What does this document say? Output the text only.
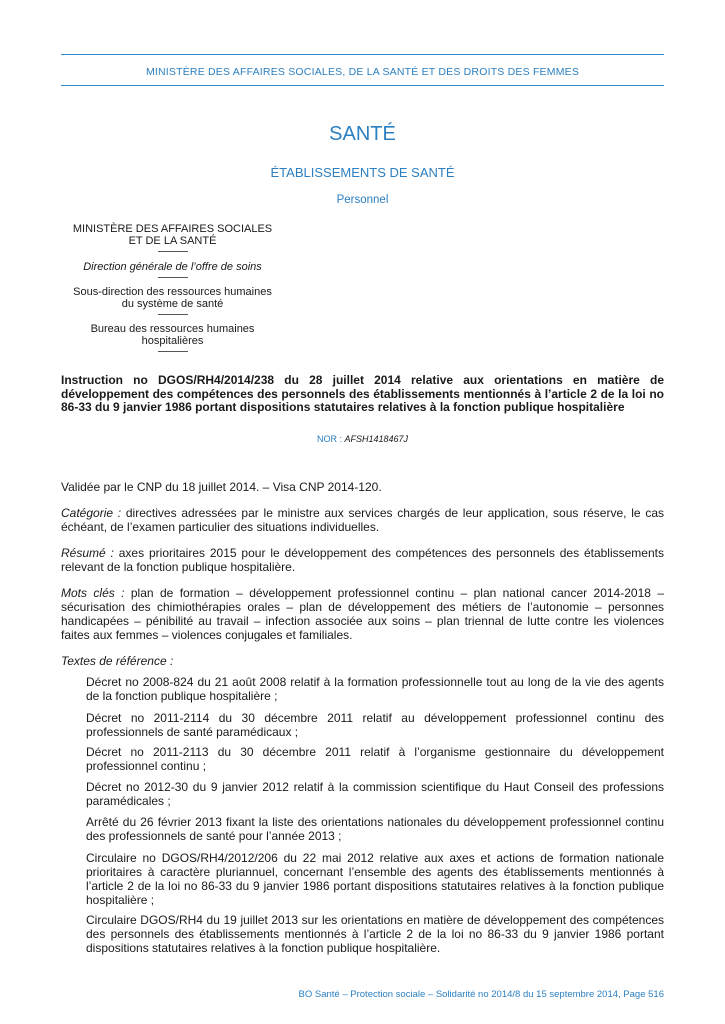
MINISTÈRE DES AFFAIRES SOCIALES, DE LA SANTÉ ET DES DROITS DES FEMMES
SANTÉ
ÉTABLISSEMENTS DE SANTÉ
Personnel
MINISTÈRE DES AFFAIRES SOCIALES
ET DE LA SANTÉ
Direction générale de l’offre de soins
Sous-direction des ressources humaines
du système de santé
Bureau des ressources humaines
hospitalières
Instruction no DGOS/RH4/2014/238 du 28 juillet 2014 relative aux orientations en matière de développement des compétences des personnels des établissements mentionnés à l’article 2 de la loi no 86-33 du 9 janvier 1986 portant dispositions statutaires relatives à la fonction publique hospitalière
NOR : AFSH1418467J
Validée par le CNP du 18 juillet 2014. – Visa CNP 2014-120.
Catégorie : directives adressées par le ministre aux services chargés de leur application, sous réserve, le cas échéant, de l’examen particulier des situations individuelles.
Résumé : axes prioritaires 2015 pour le développement des compétences des personnels des établissements relevant de la fonction publique hospitalière.
Mots clés : plan de formation – développement professionnel continu – plan national cancer 2014-2018 – sécurisation des chimiothérapies orales – plan de développement des métiers de l’autonomie – personnes handicapées – pénibilité au travail – infection associée aux soins – plan triennal de lutte contre les violences faites aux femmes – violences conjugales et familiales.
Textes de référence :
Décret no 2008-824 du 21 août 2008 relatif à la formation professionnelle tout au long de la vie des agents de la fonction publique hospitalière ;
Décret no 2011-2114 du 30 décembre 2011 relatif au développement professionnel continu des professionnels de santé paramédicaux ;
Décret no 2011-2113 du 30 décembre 2011 relatif à l’organisme gestionnaire du développement professionnel continu ;
Décret no 2012-30 du 9 janvier 2012 relatif à la commission scientifique du Haut Conseil des professions paramédicales ;
Arrêté du 26 février 2013 fixant la liste des orientations nationales du développement professionnel continu des professionnels de santé pour l’année 2013 ;
Circulaire no DGOS/RH4/2012/206 du 22 mai 2012 relative aux axes et actions de formation nationale prioritaires à caractère pluriannuel, concernant l’ensemble des agents des établissements mentionnés à l’article 2 de la loi no 86-33 du 9 janvier 1986 portant dispositions statutaires relatives à la fonction publique hospitalière ;
Circulaire DGOS/RH4 du 19 juillet 2013 sur les orientations en matière de développement des compétences des personnels des établissements mentionnés à l’article 2 de la loi no 86-33 du 9 janvier 1986 portant dispositions statutaires relatives à la fonction publique hospitalière.
BO Santé – Protection sociale – Solidarité no 2014/8 du 15 septembre 2014, Page 516
